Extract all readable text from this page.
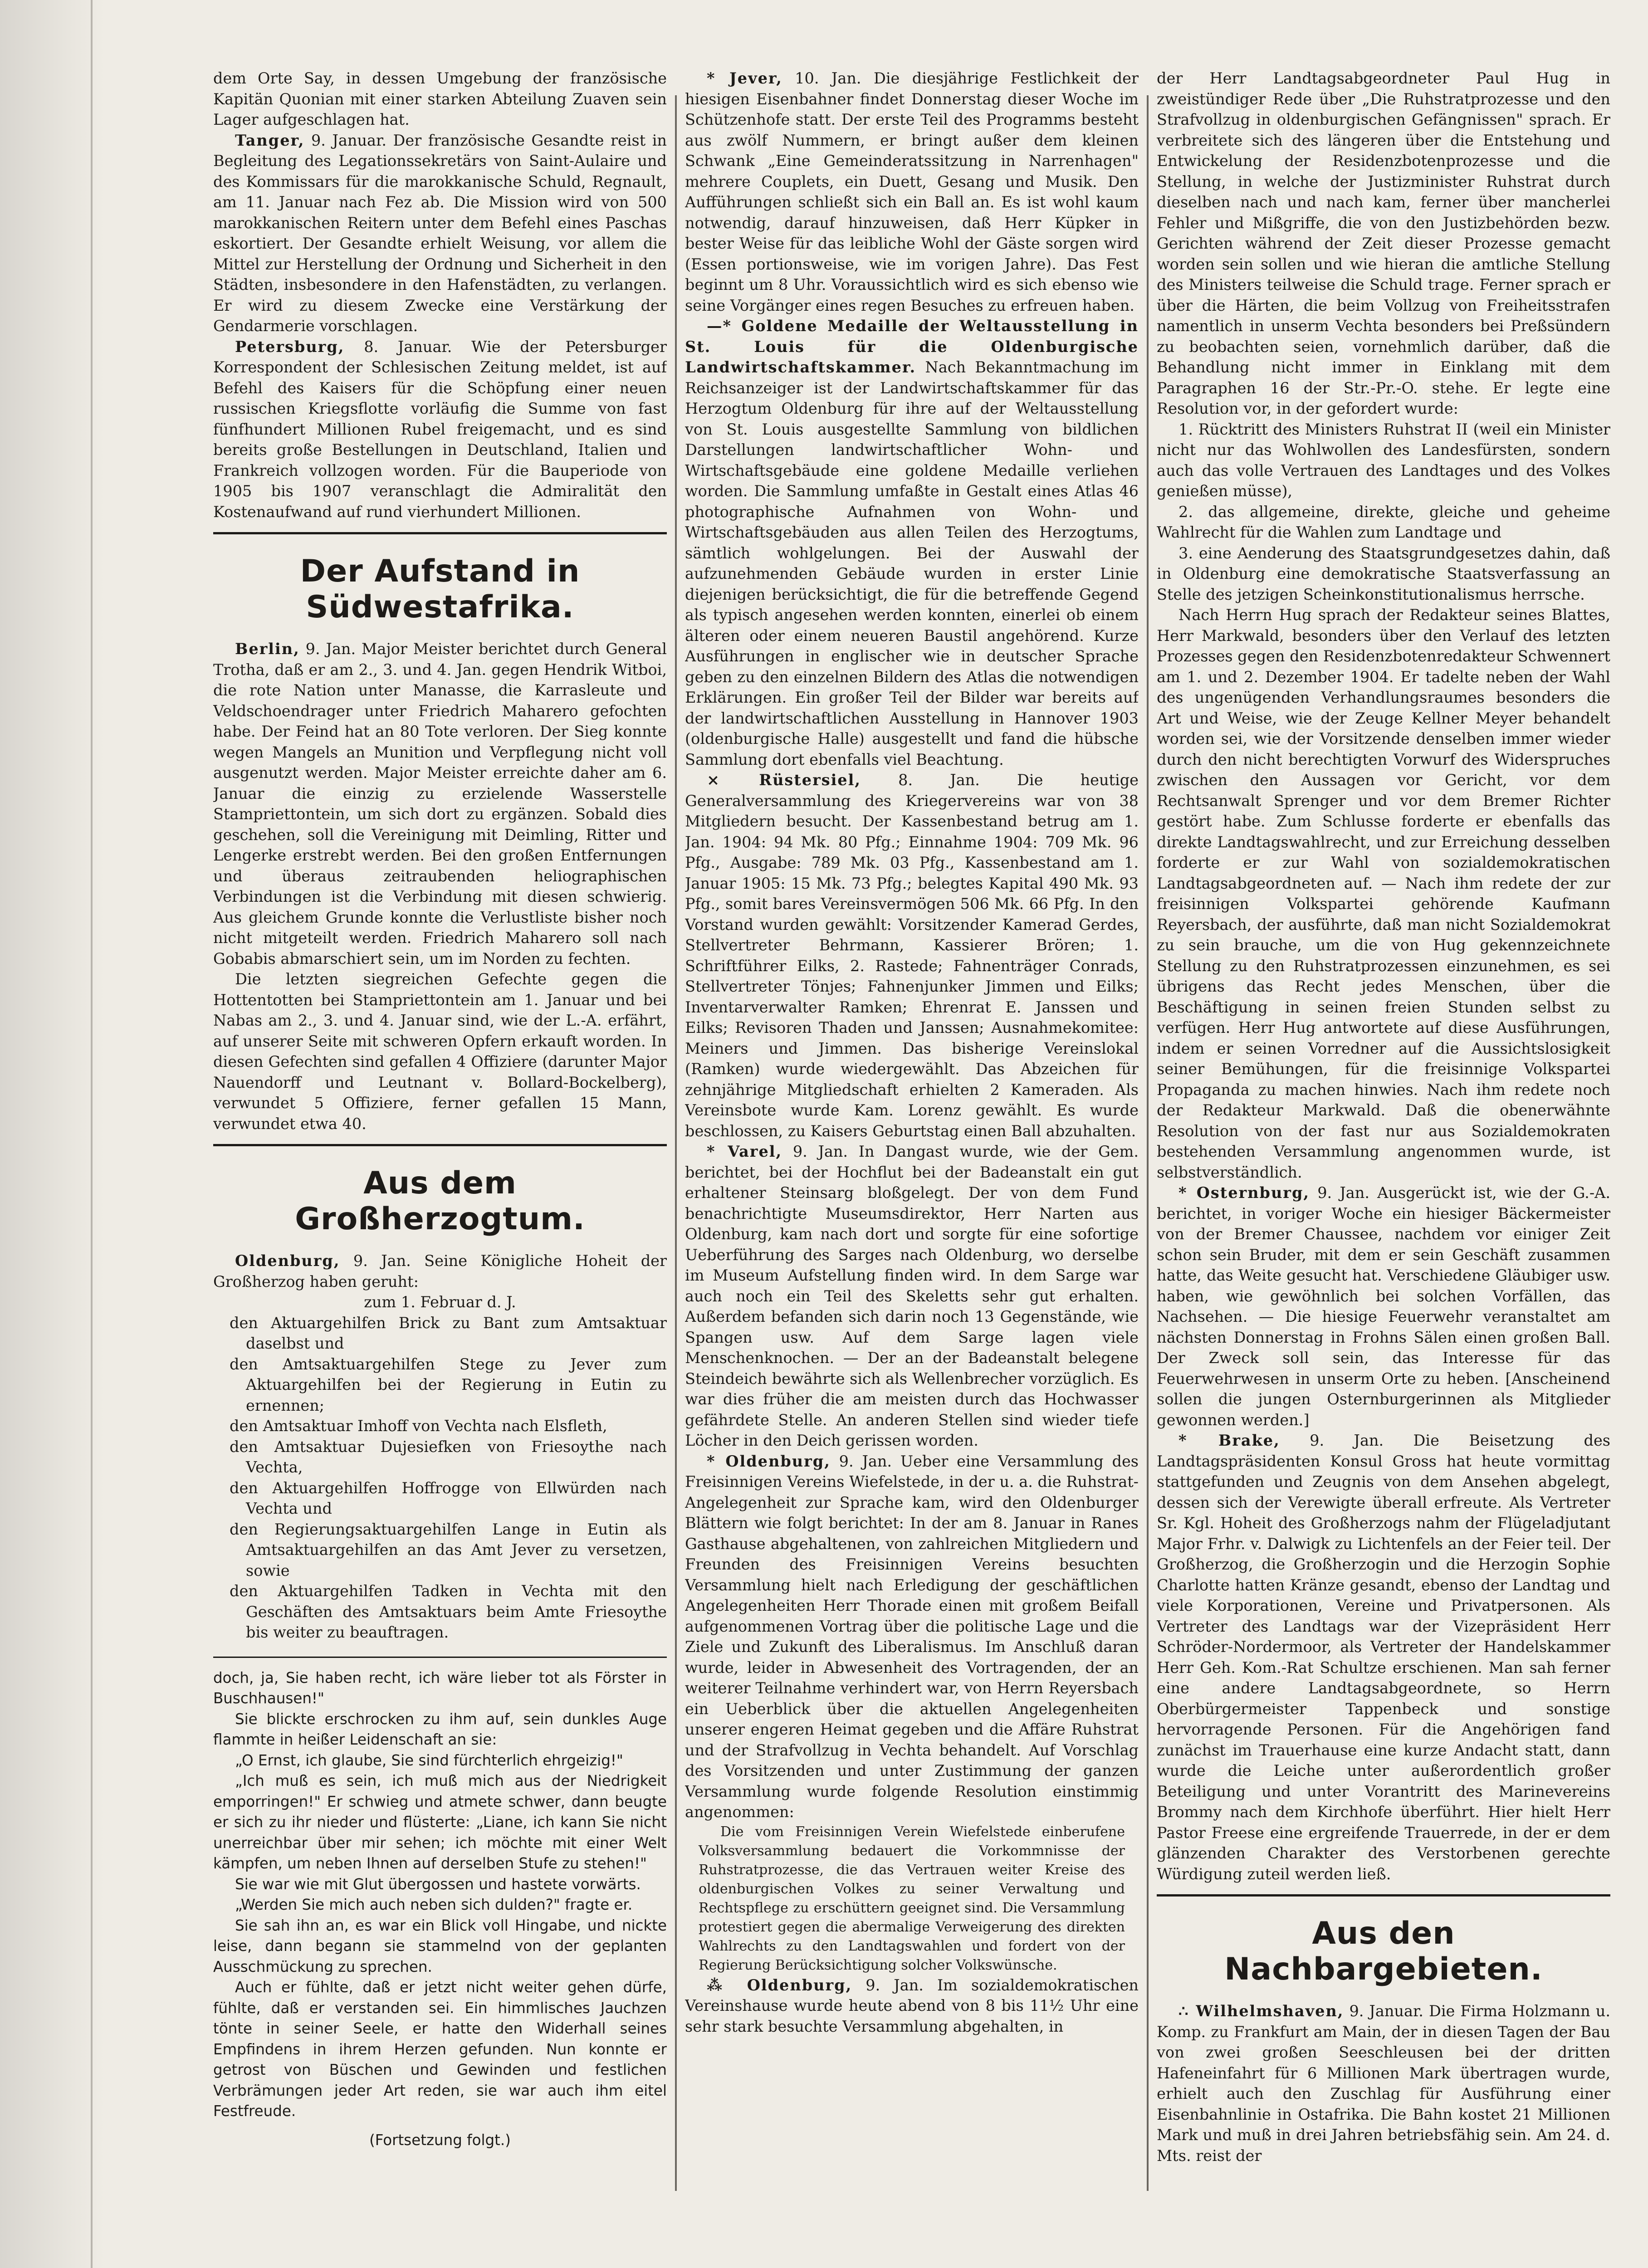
dem Orte Say, in dessen Umgebung der französische Kapitän Quonian mit einer starken Abteilung Zuaven sein Lager aufgeschlagen hat.

Tanger, 9. Januar. Der französische Gesandte reist in Begleitung des Legationssekretärs von Saint-Aulaire und des Kommissars für die marokkanische Schuld, Regnault, am 11. Januar nach Fez ab. Die Mission wird von 500 marokkanischen Reitern unter dem Befehl eines Paschas eskortiert. Der Gesandte erhielt Weisung, vor allem die Mittel zur Herstellung der Ordnung und Sicherheit in den Städten, insbesondere in den Hafenstädten, zu verlangen. Er wird zu diesem Zwecke eine Verstärkung der Gendarmerie vorschlagen.

Petersburg, 8. Januar. Wie der Petersburger Korrespondent der Schlesischen Zeitung meldet, ist auf Befehl des Kaisers für die Schöpfung einer neuen russischen Kriegsflotte vorläufig die Summe von fast fünfhundert Millionen Rubel freigemacht, und es sind bereits große Bestellungen in Deutschland, Italien und Frankreich vollzogen worden. Für die Bauperiode von 1905 bis 1907 veranschlagt die Admiralität den Kostenaufwand auf rund vierhundert Millionen.

Der Aufstand in Südwestafrika.

Berlin, 9. Jan. Major Meister berichtet durch General Trotha, daß er am 2., 3. und 4. Jan. gegen Hendrik Witboi, die rote Nation unter Manasse, die Karrasleute und Veldschoendrager unter Friedrich Maharero gefochten habe. Der Feind hat an 80 Tote verloren. Der Sieg konnte wegen Mangels an Munition und Verpflegung nicht voll ausgenutzt werden. Major Meister erreichte daher am 6. Januar die einzig zu erzielende Wasserstelle Stampriettontein, um sich dort zu ergänzen. Sobald dies geschehen, soll die Vereinigung mit Deimling, Ritter und Lengerke erstrebt werden. Bei den großen Entfernungen und überaus zeitraubenden heliographischen Verbindungen ist die Verbindung mit diesen schwierig. Aus gleichem Grunde konnte die Verlustliste bisher noch nicht mitgeteilt werden. Friedrich Maharero soll nach Gobabis abmarschiert sein, um im Norden zu fechten.

Die letzten siegreichen Gefechte gegen die Hottentotten bei Stampriettontein am 1. Januar und bei Nabas am 2., 3. und 4. Januar sind, wie der L.-A. erfährt, auf unserer Seite mit schweren Opfern erkauft worden. In diesen Gefechten sind gefallen 4 Offiziere (darunter Major Nauendorff und Leutnant v. Bollard-Bockelberg), verwundet 5 Offiziere, ferner gefallen 15 Mann, verwundet etwa 40.

Aus dem Großherzogtum.

Oldenburg, 9. Jan. Seine Königliche Hoheit der Großherzog haben geruht:

zum 1. Februar d. J.

den Aktuargehilfen Brick zu Bant zum Amtsaktuar daselbst und

den Amtsaktuargehilfen Stege zu Jever zum Aktuargehilfen bei der Regierung in Eutin zu ernennen;

den Amtsaktuar Imhoff von Vechta nach Elsfleth,

den Amtsaktuar Dujesiefken von Friesoythe nach Vechta,

den Aktuargehilfen Hoffrogge von Ellwürden nach Vechta und

den Regierungsaktuargehilfen Lange in Eutin als Amtsaktuargehilfen an das Amt Jever zu versetzen, sowie

den Aktuargehilfen Tadken in Vechta mit den Geschäften des Amtsaktuars beim Amte Friesoythe bis weiter zu beauftragen.

doch, ja, Sie haben recht, ich wäre lieber tot als Förster in Buschhausen!"

Sie blickte erschrocken zu ihm auf, sein dunkles Auge flammte in heißer Leidenschaft an sie:

„O Ernst, ich glaube, Sie sind fürchterlich ehrgeizig!"

„Ich muß es sein, ich muß mich aus der Niedrigkeit emporringen!" Er schwieg und atmete schwer, dann beugte er sich zu ihr nieder und flüsterte: „Liane, ich kann Sie nicht unerreichbar über mir sehen; ich möchte mit einer Welt kämpfen, um neben Ihnen auf derselben Stufe zu stehen!"

Sie war wie mit Glut übergossen und hastete vorwärts.

„Werden Sie mich auch neben sich dulden?" fragte er.

Sie sah ihn an, es war ein Blick voll Hingabe, und nickte leise, dann begann sie stammelnd von der geplanten Ausschmückung zu sprechen.

Auch er fühlte, daß er jetzt nicht weiter gehen dürfe, fühlte, daß er verstanden sei. Ein himmlisches Jauchzen tönte in seiner Seele, er hatte den Widerhall seines Empfindens in ihrem Herzen gefunden. Nun konnte er getrost von Büschen und Gewinden und festlichen Verbrämungen jeder Art reden, sie war auch ihm eitel Festfreude.

(Fortsetzung folgt.)

* Jever, 10. Jan. Die diesjährige Festlichkeit der hiesigen Eisenbahner findet Donnerstag dieser Woche im Schützenhofe statt. Der erste Teil des Programms besteht aus zwölf Nummern, er bringt außer dem kleinen Schwank „Eine Gemeinderatssitzung in Narrenhagen" mehrere Couplets, ein Duett, Gesang und Musik. Den Aufführungen schließt sich ein Ball an. Es ist wohl kaum notwendig, darauf hinzuweisen, daß Herr Küpker in bester Weise für das leibliche Wohl der Gäste sorgen wird (Essen portionsweise, wie im vorigen Jahre). Das Fest beginnt um 8 Uhr. Voraussichtlich wird es sich ebenso wie seine Vorgänger eines regen Besuches zu erfreuen haben.

—* Goldene Medaille der Weltausstellung in St. Louis für die Oldenburgische Landwirtschaftskammer. Nach Bekanntmachung im Reichsanzeiger ist der Landwirtschaftskammer für das Herzogtum Oldenburg für ihre auf der Weltausstellung von St. Louis ausgestellte Sammlung von bildlichen Darstellungen landwirtschaftlicher Wohn- und Wirtschaftsgebäude eine goldene Medaille verliehen worden. Die Sammlung umfaßte in Gestalt eines Atlas 46 photographische Aufnahmen von Wohn- und Wirtschaftsgebäuden aus allen Teilen des Herzogtums, sämtlich wohlgelungen. Bei der Auswahl der aufzunehmenden Gebäude wurden in erster Linie diejenigen berücksichtigt, die für die betreffende Gegend als typisch angesehen werden konnten, einerlei ob einem älteren oder einem neueren Baustil angehörend. Kurze Ausführungen in englischer wie in deutscher Sprache geben zu den einzelnen Bildern des Atlas die notwendigen Erklärungen. Ein großer Teil der Bilder war bereits auf der landwirtschaftlichen Ausstellung in Hannover 1903 (oldenburgische Halle) ausgestellt und fand die hübsche Sammlung dort ebenfalls viel Beachtung.

⨯ Rüstersiel, 8. Jan. Die heutige Generalversammlung des Kriegervereins war von 38 Mitgliedern besucht. Der Kassenbestand betrug am 1. Jan. 1904: 94 Mk. 80 Pfg.; Einnahme 1904: 709 Mk. 96 Pfg., Ausgabe: 789 Mk. 03 Pfg., Kassenbestand am 1. Januar 1905: 15 Mk. 73 Pfg.; belegtes Kapital 490 Mk. 93 Pfg., somit bares Vereinsvermögen 506 Mk. 66 Pfg. In den Vorstand wurden gewählt: Vorsitzender Kamerad Gerdes, Stellvertreter Behrmann, Kassierer Brören; 1. Schriftführer Eilks, 2. Rastede; Fahnenträger Conrads, Stellvertreter Tönjes; Fahnenjunker Jimmen und Eilks; Inventarverwalter Ramken; Ehrenrat E. Janssen und Eilks; Revisoren Thaden und Janssen; Ausnahmekomitee: Meiners und Jimmen. Das bisherige Vereinslokal (Ramken) wurde wiedergewählt. Das Abzeichen für zehnjährige Mitgliedschaft erhielten 2 Kameraden. Als Vereinsbote wurde Kam. Lorenz gewählt. Es wurde beschlossen, zu Kaisers Geburtstag einen Ball abzuhalten.

* Varel, 9. Jan. In Dangast wurde, wie der Gem. berichtet, bei der Hochflut bei der Badeanstalt ein gut erhaltener Steinsarg bloßgelegt. Der von dem Fund benachrichtigte Museumsdirektor, Herr Narten aus Oldenburg, kam nach dort und sorgte für eine sofortige Ueberführung des Sarges nach Oldenburg, wo derselbe im Museum Aufstellung finden wird. In dem Sarge war auch noch ein Teil des Skeletts sehr gut erhalten. Außerdem befanden sich darin noch 13 Gegenstände, wie Spangen usw. Auf dem Sarge lagen viele Menschenknochen. — Der an der Badeanstalt belegene Steindeich bewährte sich als Wellenbrecher vorzüglich. Es war dies früher die am meisten durch das Hochwasser gefährdete Stelle. An anderen Stellen sind wieder tiefe Löcher in den Deich gerissen worden.

* Oldenburg, 9. Jan. Ueber eine Versammlung des Freisinnigen Vereins Wiefelstede, in der u. a. die Ruhstrat-Angelegenheit zur Sprache kam, wird den Oldenburger Blättern wie folgt berichtet: In der am 8. Januar in Ranes Gasthause abgehaltenen, von zahlreichen Mitgliedern und Freunden des Freisinnigen Vereins besuchten Versammlung hielt nach Erledigung der geschäftlichen Angelegenheiten Herr Thorade einen mit großem Beifall aufgenommenen Vortrag über die politische Lage und die Ziele und Zukunft des Liberalismus. Im Anschluß daran wurde, leider in Abwesenheit des Vortragenden, der an weiterer Teilnahme verhindert war, von Herrn Reyersbach ein Ueberblick über die aktuellen Angelegenheiten unserer engeren Heimat gegeben und die Affäre Ruhstrat und der Strafvollzug in Vechta behandelt. Auf Vorschlag des Vorsitzenden und unter Zustimmung der ganzen Versammlung wurde folgende Resolution einstimmig angenommen:

Die vom Freisinnigen Verein Wiefelstede einberufene Volksversammlung bedauert die Vorkommnisse der Ruhstratprozesse, die das Vertrauen weiter Kreise des oldenburgischen Volkes zu seiner Verwaltung und Rechtspflege zu erschüttern geeignet sind. Die Versammlung protestiert gegen die abermalige Verweigerung des direkten Wahlrechts zu den Landtagswahlen und fordert von der Regierung Berücksichtigung solcher Volkswünsche.

⁂ Oldenburg, 9. Jan. Im sozialdemokratischen Vereinshause wurde heute abend von 8 bis 11½ Uhr eine sehr stark besuchte Versammlung abgehalten, in

der Herr Landtagsabgeordneter Paul Hug in zweistündiger Rede über „Die Ruhstratprozesse und den Strafvollzug in oldenburgischen Gefängnissen" sprach. Er verbreitete sich des längeren über die Entstehung und Entwickelung der Residenzbotenprozesse und die Stellung, in welche der Justizminister Ruhstrat durch dieselben nach und nach kam, ferner über mancherlei Fehler und Mißgriffe, die von den Justizbehörden bezw. Gerichten während der Zeit dieser Prozesse gemacht worden sein sollen und wie hieran die amtliche Stellung des Ministers teilweise die Schuld trage. Ferner sprach er über die Härten, die beim Vollzug von Freiheitsstrafen namentlich in unserm Vechta besonders bei Preßsündern zu beobachten seien, vornehmlich darüber, daß die Behandlung nicht immer in Einklang mit dem Paragraphen 16 der Str.-Pr.-O. stehe. Er legte eine Resolution vor, in der gefordert wurde:

1. Rücktritt des Ministers Ruhstrat II (weil ein Minister nicht nur das Wohlwollen des Landesfürsten, sondern auch das volle Vertrauen des Landtages und des Volkes genießen müsse),

2. das allgemeine, direkte, gleiche und geheime Wahlrecht für die Wahlen zum Landtage und

3. eine Aenderung des Staatsgrundgesetzes dahin, daß in Oldenburg eine demokratische Staatsverfassung an Stelle des jetzigen Scheinkonstitutionalismus herrsche.

Nach Herrn Hug sprach der Redakteur seines Blattes, Herr Markwald, besonders über den Verlauf des letzten Prozesses gegen den Residenzbotenredakteur Schwennert am 1. und 2. Dezember 1904. Er tadelte neben der Wahl des ungenügenden Verhandlungsraumes besonders die Art und Weise, wie der Zeuge Kellner Meyer behandelt worden sei, wie der Vorsitzende denselben immer wieder durch den nicht berechtigten Vorwurf des Widerspruches zwischen den Aussagen vor Gericht, vor dem Rechtsanwalt Sprenger und vor dem Bremer Richter gestört habe. Zum Schlusse forderte er ebenfalls das direkte Landtagswahlrecht, und zur Erreichung desselben forderte er zur Wahl von sozialdemokratischen Landtagsabgeordneten auf. — Nach ihm redete der zur freisinnigen Volkspartei gehörende Kaufmann Reyersbach, der ausführte, daß man nicht Sozialdemokrat zu sein brauche, um die von Hug gekennzeichnete Stellung zu den Ruhstratprozessen einzunehmen, es sei übrigens das Recht jedes Menschen, über die Beschäftigung in seinen freien Stunden selbst zu verfügen. Herr Hug antwortete auf diese Ausführungen, indem er seinen Vorredner auf die Aussichtslosigkeit seiner Bemühungen, für die freisinnige Volkspartei Propaganda zu machen hinwies. Nach ihm redete noch der Redakteur Markwald. Daß die obenerwähnte Resolution von der fast nur aus Sozialdemokraten bestehenden Versammlung angenommen wurde, ist selbstverständlich.

* Osternburg, 9. Jan. Ausgerückt ist, wie der G.-A. berichtet, in voriger Woche ein hiesiger Bäckermeister von der Bremer Chaussee, nachdem vor einiger Zeit schon sein Bruder, mit dem er sein Geschäft zusammen hatte, das Weite gesucht hat. Verschiedene Gläubiger usw. haben, wie gewöhnlich bei solchen Vorfällen, das Nachsehen. — Die hiesige Feuerwehr veranstaltet am nächsten Donnerstag in Frohns Sälen einen großen Ball. Der Zweck soll sein, das Interesse für das Feuerwehrwesen in unserm Orte zu heben. [Anscheinend sollen die jungen Osternburgerinnen als Mitglieder gewonnen werden.]

* Brake, 9. Jan. Die Beisetzung des Landtagspräsidenten Konsul Gross hat heute vormittag stattgefunden und Zeugnis von dem Ansehen abgelegt, dessen sich der Verewigte überall erfreute. Als Vertreter Sr. Kgl. Hoheit des Großherzogs nahm der Flügeladjutant Major Frhr. v. Dalwigk zu Lichtenfels an der Feier teil. Der Großherzog, die Großherzogin und die Herzogin Sophie Charlotte hatten Kränze gesandt, ebenso der Landtag und viele Korporationen, Vereine und Privatpersonen. Als Vertreter des Landtags war der Vizepräsident Herr Schröder-Nordermoor, als Vertreter der Handelskammer Herr Geh. Kom.-Rat Schultze erschienen. Man sah ferner eine andere Landtagsabgeordnete, so Herrn Oberbürgermeister Tappenbeck und sonstige hervorragende Personen. Für die Angehörigen fand zunächst im Trauerhause eine kurze Andacht statt, dann wurde die Leiche unter außerordentlich großer Beteiligung und unter Vorantritt des Marinevereins Brommy nach dem Kirchhofe überführt. Hier hielt Herr Pastor Freese eine ergreifende Trauerrede, in der er dem glänzenden Charakter des Verstorbenen gerechte Würdigung zuteil werden ließ.

Aus den Nachbargebieten.

∴ Wilhelmshaven, 9. Januar. Die Firma Holzmann u. Komp. zu Frankfurt am Main, der in diesen Tagen der Bau von zwei großen Seeschleusen bei der dritten Hafeneinfahrt für 6 Millionen Mark übertragen wurde, erhielt auch den Zuschlag für Ausführung einer Eisenbahnlinie in Ostafrika. Die Bahn kostet 21 Millionen Mark und muß in drei Jahren betriebsfähig sein. Am 24. d. Mts. reist der
